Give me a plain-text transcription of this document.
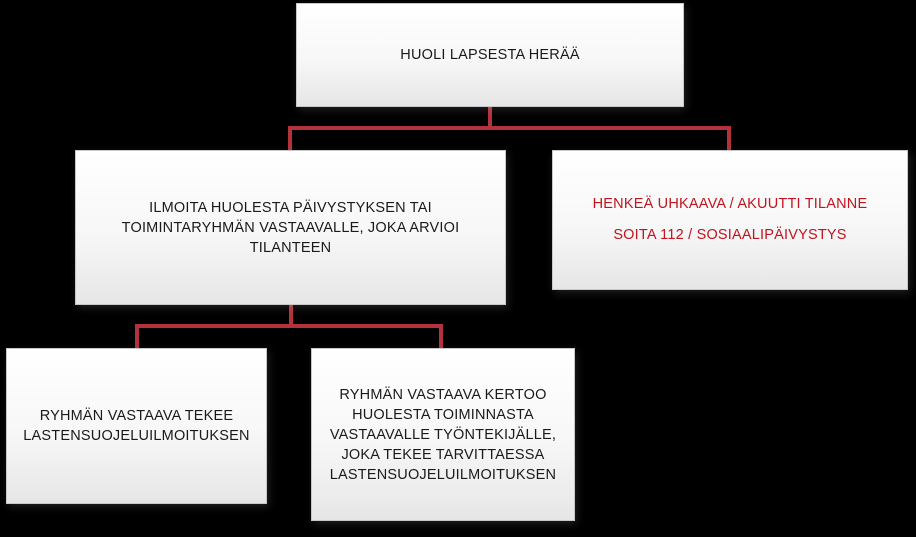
HUOLI LAPSESTA HERÄÄ
ILMOITA HUOLESTA PÄIVYSTYKSEN TAI
TOIMINTARYHMÄN VASTAAVALLE, JOKA ARVIOI
TILANTEEN
HENKEÄ UHKAAVA / AKUUTTI TILANNE
SOITA 112 / SOSIAALIPÄIVYSTYS
RYHMÄN VASTAAVA TEKEE
LASTENSUOJELUILMOITUKSEN
RYHMÄN VASTAAVA KERTOO
HUOLESTA TOIMINNASTA
VASTAAVALLE TYÖNTEKIJÄLLE,
JOKA TEKEE TARVITTAESSA
LASTENSUOJELUILMOITUKSEN
